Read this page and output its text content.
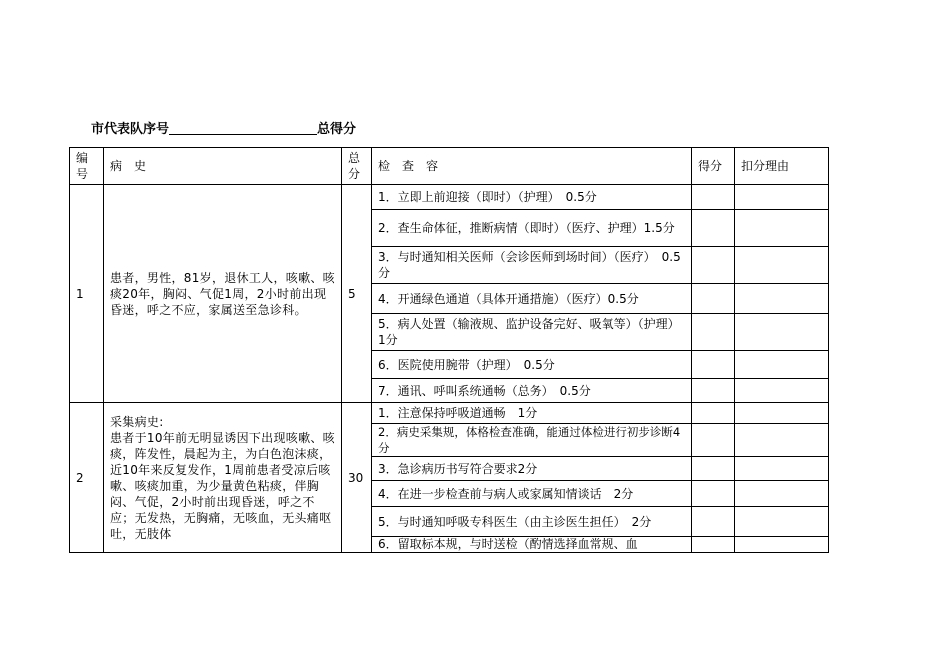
市代表队序号	总得分
编号	病　史	总分	检　查　容	得分	扣分理由
1	患者，男性，81岁，退休工人，咳嗽、咳痰20年，胸闷、气促1周，2小时前出现昏迷，呼之不应，家属送至急诊科。	5	1．立即上前迎接（即时）（护理）　0.5分		
			2．查生命体征，推断病情（即时）（医疗、护理）1.5分		
			3．与时通知相关医师（会诊医师到场时间）（医疗）　0.5分		
			4．开通绿色通道（具体开通措施）（医疗）0.5分		
			5．病人处置（输液规、监护设备完好、吸氧等）（护理）1分		
			6．医院使用腕带（护理）　0.5分		
			7．通讯、呼叫系统通畅（总务）　0.5分		
2	采集病史:
患者于10年前无明显诱因下出现咳嗽、咳痰，阵发性，晨起为主，为白色泡沫痰，近10年来反复发作，1周前患者受凉后咳嗽、咳痰加重，为少量黄色粘痰，伴胸闷、气促，2小时前出现昏迷，呼之不应；无发热，无胸痛，无咳血，无头痛呕吐，无肢体	30	1．注意保持呼吸道通畅　1分		
			2．病史采集规，体格检查准确，能通过体检进行初步诊断4分		
			3．急诊病历书写符合要求2分		
			4．在进一步检查前与病人或家属知情谈话　2分		
			5．与时通知呼吸专科医生（由主诊医生担任）　2分		
			6．留取标本规，与时送检（酌情选择血常规、血		
